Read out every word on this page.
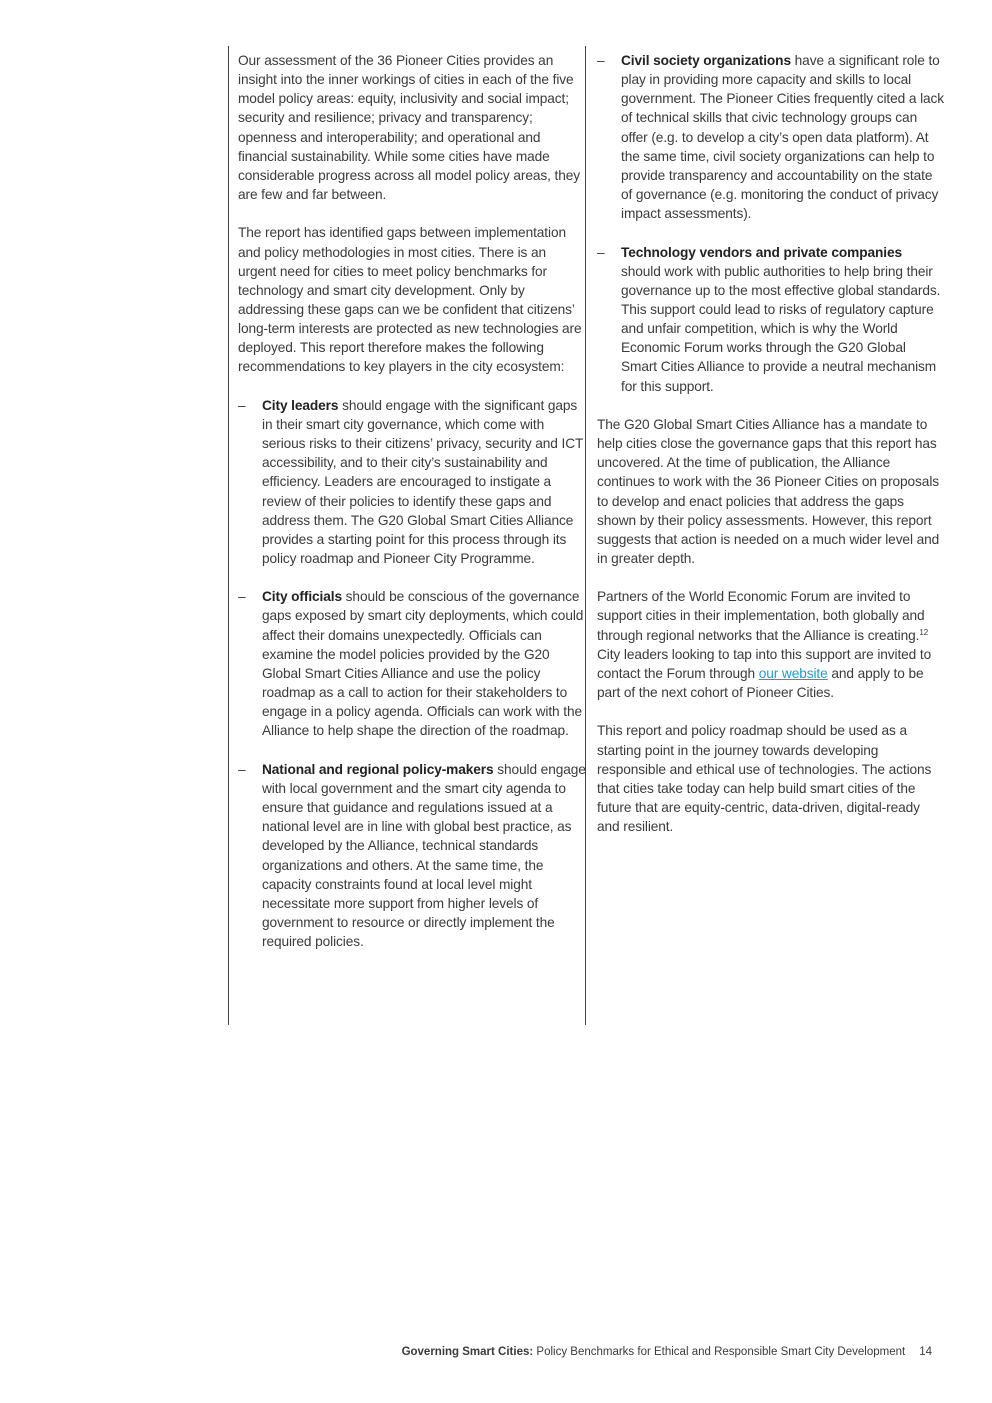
Our assessment of the 36 Pioneer Cities provides an insight into the inner workings of cities in each of the five model policy areas: equity, inclusivity and social impact; security and resilience; privacy and transparency; openness and interoperability; and operational and financial sustainability. While some cities have made considerable progress across all model policy areas, they are few and far between.

The report has identified gaps between implementation and policy methodologies in most cities. There is an urgent need for cities to meet policy benchmarks for technology and smart city development. Only by addressing these gaps can we be confident that citizens’ long-term interests are protected as new technologies are deployed. This report therefore makes the following recommendations to key players in the city ecosystem:

– City leaders should engage with the significant gaps in their smart city governance, which come with serious risks to their citizens’ privacy, security and ICT accessibility, and to their city’s sustainability and efficiency. Leaders are encouraged to instigate a review of their policies to identify these gaps and address them. The G20 Global Smart Cities Alliance provides a starting point for this process through its policy roadmap and Pioneer City Programme.
– City officials should be conscious of the governance gaps exposed by smart city deployments, which could affect their domains unexpectedly. Officials can examine the model policies provided by the G20 Global Smart Cities Alliance and use the policy roadmap as a call to action for their stakeholders to engage in a policy agenda. Officials can work with the Alliance to help shape the direction of the roadmap.
– National and regional policy-makers should engage with local government and the smart city agenda to ensure that guidance and regulations issued at a national level are in line with global best practice, as developed by the Alliance, technical standards organizations and others. At the same time, the capacity constraints found at local level might necessitate more support from higher levels of government to resource or directly implement the required policies.
– Civil society organizations have a significant role to play in providing more capacity and skills to local government. The Pioneer Cities frequently cited a lack of technical skills that civic technology groups can offer (e.g. to develop a city’s open data platform). At the same time, civil society organizations can help to provide transparency and accountability on the state of governance (e.g. monitoring the conduct of privacy impact assessments).
– Technology vendors and private companies should work with public authorities to help bring their governance up to the most effective global standards. This support could lead to risks of regulatory capture and unfair competition, which is why the World Economic Forum works through the G20 Global Smart Cities Alliance to provide a neutral mechanism for this support.

The G20 Global Smart Cities Alliance has a mandate to help cities close the governance gaps that this report has uncovered. At the time of publication, the Alliance continues to work with the 36 Pioneer Cities on proposals to develop and enact policies that address the gaps shown by their policy assessments. However, this report suggests that action is needed on a much wider level and in greater depth.

Partners of the World Economic Forum are invited to support cities in their implementation, both globally and through regional networks that the Alliance is creating.$^{12}$ City leaders looking to tap into this support are invited to contact the Forum through our website and apply to be part of the next cohort of Pioneer Cities.

This report and policy roadmap should be used as a starting point in the journey towards developing responsible and ethical use of technologies. The actions that cities take today can help build smart cities of the future that are equity-centric, data-driven, digital-ready and resilient.

Governing Smart Cities: Policy Benchmarks for Ethical and Responsible Smart City Development 14
